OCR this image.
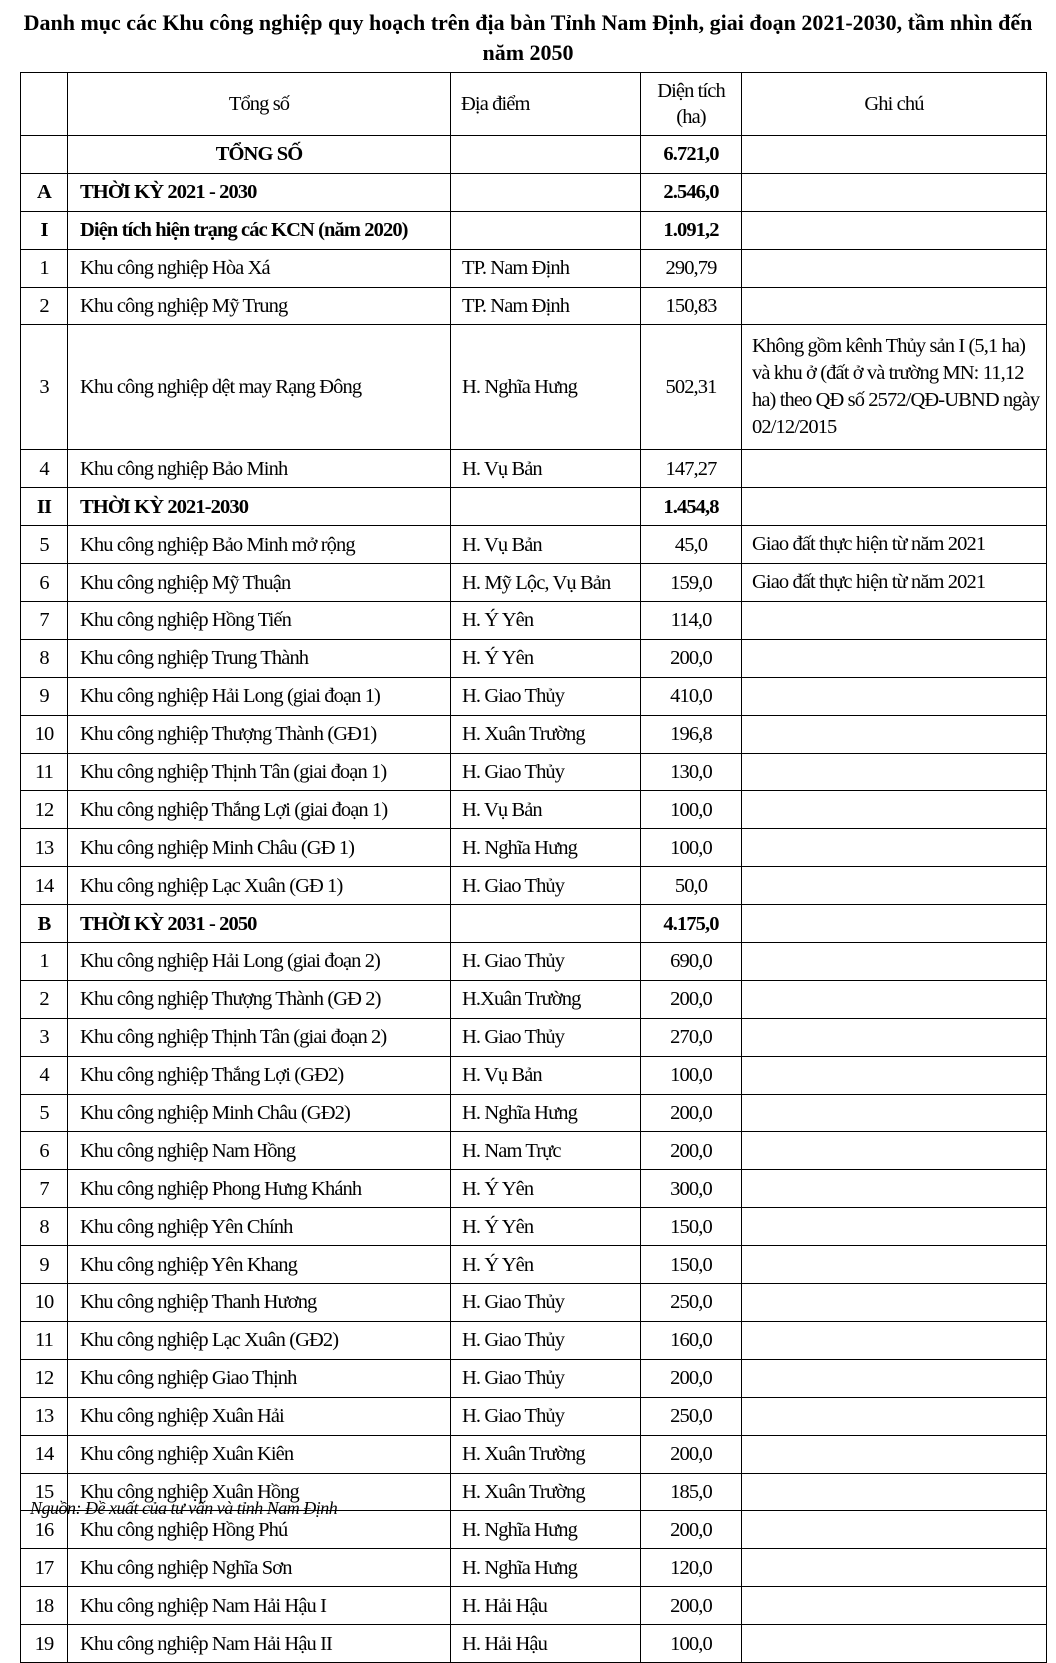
Danh mục các Khu công nghiệp quy hoạch trên địa bàn Tỉnh Nam Định, giai đoạn 2021-2030, tầm nhìn đến năm 2050
	Tổng số	Địa điểm	Diện tích (ha)	Ghi chú
	TỔNG SỐ		6.721,0	
A	THỜI KỲ 2021 - 2030		2.546,0	
I	Diện tích hiện trạng các KCN (năm 2020)		1.091,2	
1	Khu công nghiệp Hòa Xá	TP. Nam Định	290,79	
2	Khu công nghiệp Mỹ Trung	TP. Nam Định	150,83	
3	Khu công nghiệp dệt may Rạng Đông	H. Nghĩa Hưng	502,31	Không gồm kênh Thủy sản I (5,1 ha) và khu ở (đất ở và trường MN: 11,12 ha) theo QĐ số 2572/QĐ-UBND ngày 02/12/2015
4	Khu công nghiệp Bảo Minh	H. Vụ Bản	147,27	
II	THỜI KỲ 2021-2030		1.454,8	
5	Khu công nghiệp Bảo Minh mở rộng	H. Vụ Bản	45,0	Giao đất thực hiện từ năm 2021
6	Khu công nghiệp Mỹ Thuận	H. Mỹ Lộc, Vụ Bản	159,0	Giao đất thực hiện từ năm 2021
7	Khu công nghiệp Hồng Tiến	H. Ý Yên	114,0	
8	Khu công nghiệp Trung Thành	H. Ý Yên	200,0	
9	Khu công nghiệp Hải Long (giai đoạn 1)	H. Giao Thủy	410,0	
10	Khu công nghiệp Thượng Thành (GĐ1)	H. Xuân Trường	196,8	
11	Khu công nghiệp Thịnh Tân (giai đoạn 1)	H. Giao Thủy	130,0	
12	Khu công nghiệp Thắng Lợi (giai đoạn 1)	H. Vụ Bản	100,0	
13	Khu công nghiệp Minh Châu (GĐ 1)	H. Nghĩa Hưng	100,0	
14	Khu công nghiệp Lạc Xuân (GĐ 1)	H. Giao Thủy	50,0	
B	THỜI KỲ 2031 - 2050		4.175,0	
1	Khu công nghiệp Hải Long (giai đoạn 2)	H. Giao Thủy	690,0	
2	Khu công nghiệp Thượng Thành (GĐ 2)	H.Xuân Trường	200,0	
3	Khu công nghiệp Thịnh Tân (giai đoạn 2)	H. Giao Thủy	270,0	
4	Khu công nghiệp Thắng Lợi (GĐ2)	H. Vụ Bản	100,0	
5	Khu công nghiệp Minh Châu (GĐ2)	H. Nghĩa Hưng	200,0	
6	Khu công nghiệp Nam Hồng	H. Nam Trực	200,0	
7	Khu công nghiệp Phong Hưng Khánh	H. Ý Yên	300,0	
8	Khu công nghiệp Yên Chính	H. Ý Yên	150,0	
9	Khu công nghiệp Yên Khang	H. Ý Yên	150,0	
10	Khu công nghiệp Thanh Hương	H. Giao Thủy	250,0	
11	Khu công nghiệp Lạc Xuân (GĐ2)	H. Giao Thủy	160,0	
12	Khu công nghiệp Giao Thịnh	H. Giao Thủy	200,0	
13	Khu công nghiệp Xuân Hải	H. Giao Thủy	250,0	
14	Khu công nghiệp Xuân Kiên	H. Xuân Trường	200,0	
15	Khu công nghiệp Xuân Hồng	H. Xuân Trường	185,0	
16	Khu công nghiệp Hồng Phú	H. Nghĩa Hưng	200,0	
17	Khu công nghiệp Nghĩa Sơn	H. Nghĩa Hưng	120,0	
18	Khu công nghiệp Nam Hải Hậu I	H. Hải Hậu	200,0	
19	Khu công nghiệp Nam Hải Hậu II	H. Hải Hậu	100,0	
Nguồn: Đề xuất của tư vấn và tỉnh Nam Định
